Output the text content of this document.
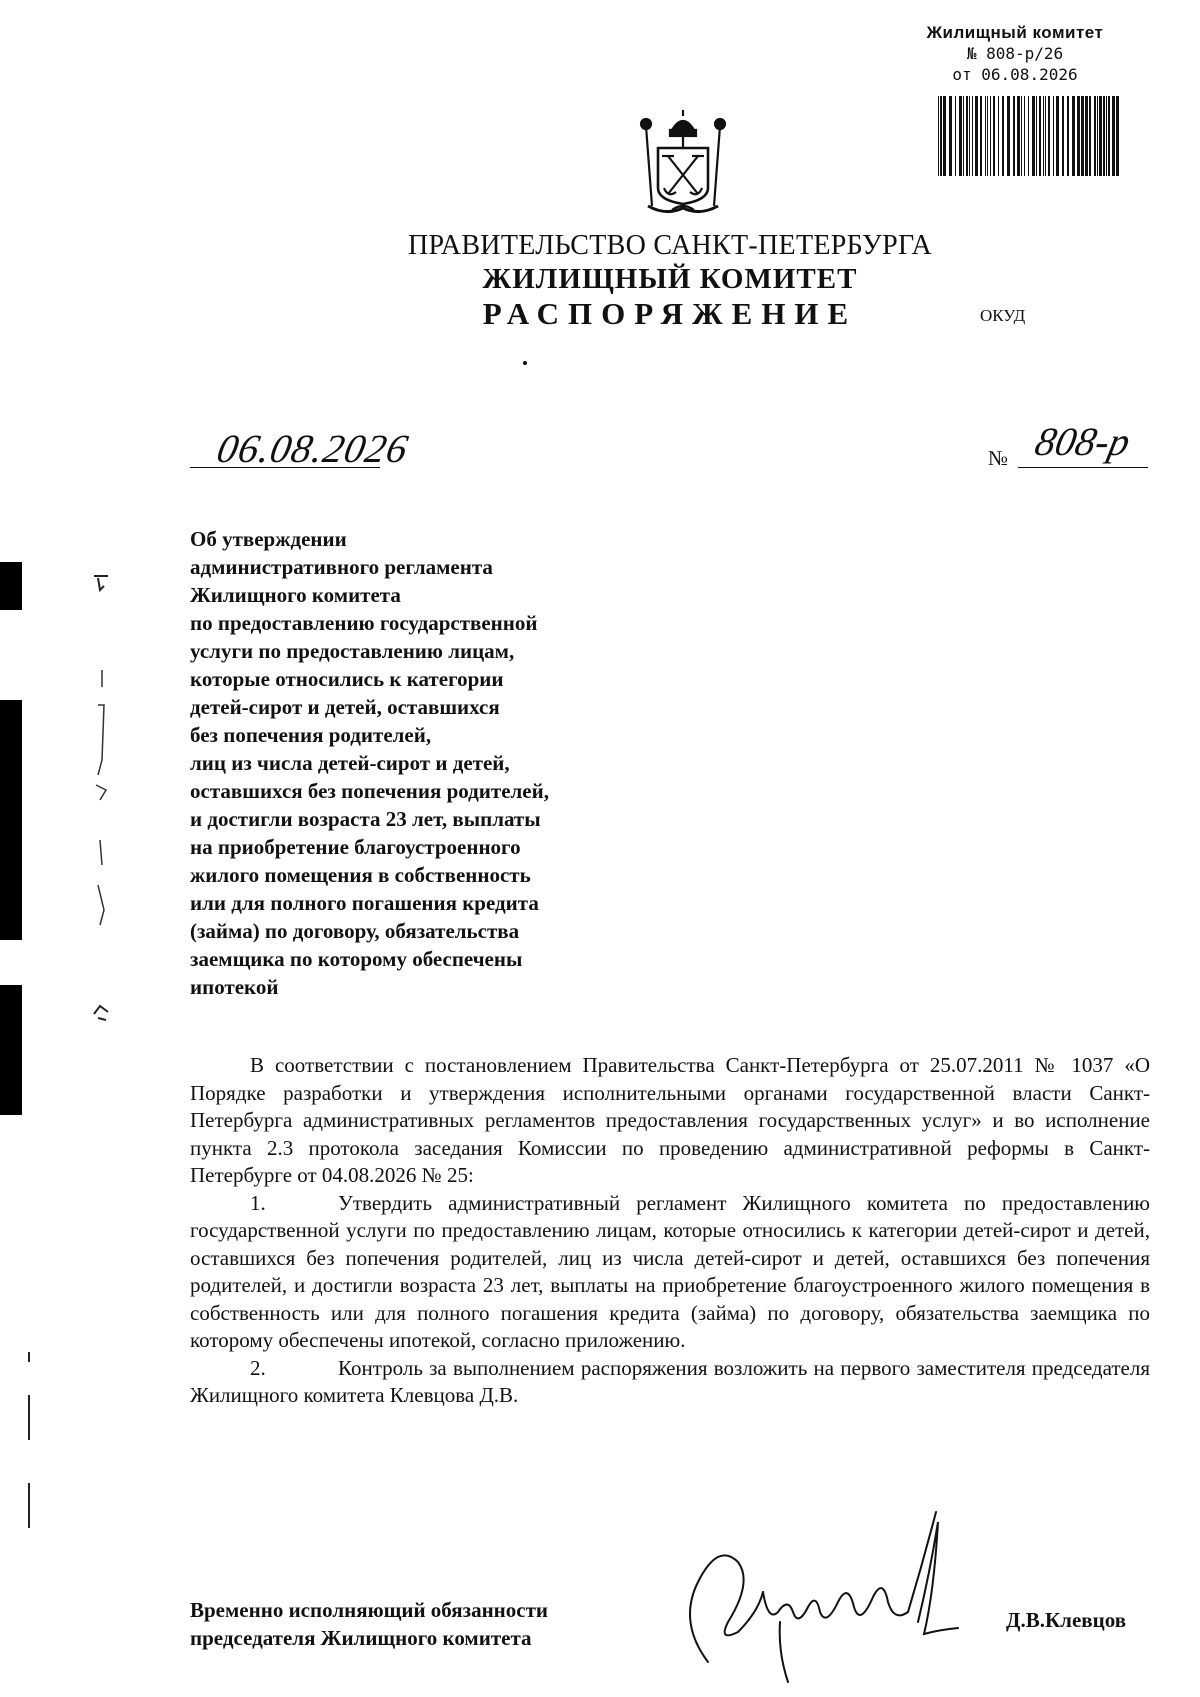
Жилищный комитет
№ 808-р/26
от 06.08.2026
ПРАВИТЕЛЬСТВО САНКТ-ПЕТЕРБУРГА
ЖИЛИЩНЫЙ КОМИТЕТ
РАСПОРЯЖЕНИЕ	ОКУД
06.08.2026	№ 808-р
Об утверждении
административного регламента
Жилищного комитета
по предоставлению государственной
услуги по предоставлению лицам,
которые относились к категории
детей-сирот и детей, оставшихся
без попечения родителей,
лиц из числа детей-сирот и детей,
оставшихся без попечения родителей,
и достигли возраста 23 лет, выплаты
на приобретение благоустроенного
жилого помещения в собственность
или для полного погашения кредита
(займа) по договору, обязательства
заемщика по которому обеспечены
ипотекой
В соответствии с постановлением Правительства Санкт-Петербурга от 25.07.2011 № 1037 «О Порядке разработки и утверждения исполнительными органами государственной власти Санкт-Петербурга административных регламентов предоставления государственных услуг» и во исполнение пункта 2.3 протокола заседания Комиссии по проведению административной реформы в Санкт-Петербурге от 04.08.2026 № 25:
1.	Утвердить административный регламент Жилищного комитета по предоставлению государственной услуги по предоставлению лицам, которые относились к категории детей-сирот и детей, оставшихся без попечения родителей, лиц из числа детей-сирот и детей, оставшихся без попечения родителей, и достигли возраста 23 лет, выплаты на приобретение благоустроенного жилого помещения в собственность или для полного погашения кредита (займа) по договору, обязательства заемщика по которому обеспечены ипотекой, согласно приложению.
2.	Контроль за выполнением распоряжения возложить на первого заместителя председателя Жилищного комитета Клевцова Д.В.
Временно исполняющий обязанности
председателя Жилищного комитета
Д.В.Клевцов
